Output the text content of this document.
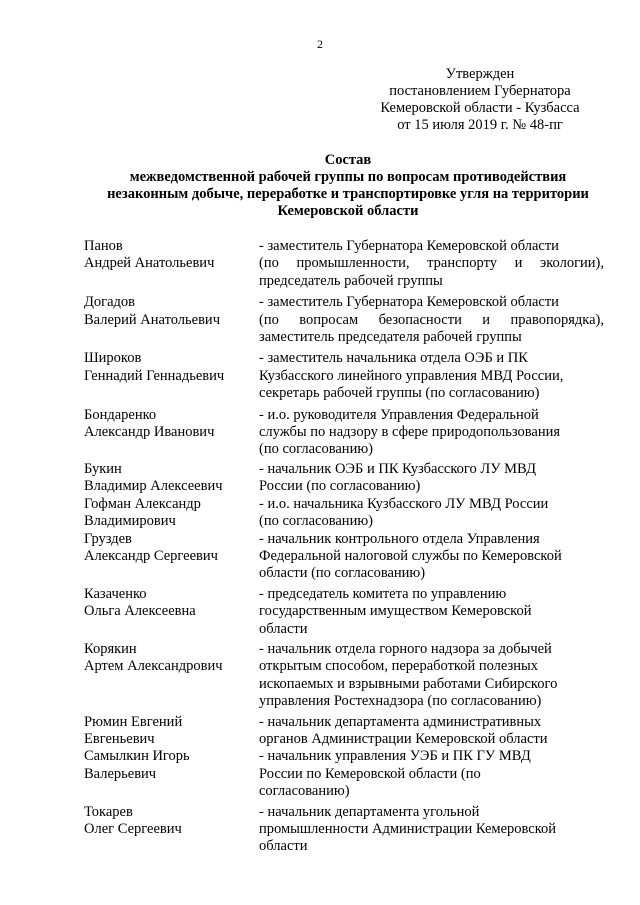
2
Утвержден
постановлением Губернатора
Кемеровской области - Кузбасса
от 15 июля 2019 г. № 48-пг
Состав
межведомственной рабочей группы по вопросам противодействия
незаконным добыче, переработке и транспортировке угля на территории
Кемеровской области
Панов
Андрей Анатольевич
- заместитель Губернатора Кемеровской области
(по промышленности, транспорту и экологии),
председатель рабочей группы
Догадов
Валерий Анатольевич
- заместитель Губернатора Кемеровской области
(по вопросам безопасности и правопорядка),
заместитель председателя рабочей группы
Широков
Геннадий Геннадьевич
- заместитель начальника отдела ОЭБ и ПК
Кузбасского линейного управления МВД России,
секретарь рабочей группы (по согласованию)
Бондаренко
Александр Иванович
- и.о. руководителя Управления Федеральной
службы по надзору в сфере природопользования
(по согласованию)
Букин
Владимир Алексеевич
- начальник ОЭБ и ПК Кузбасского ЛУ МВД
России (по согласованию)
Гофман Александр
Владимирович
- и.о. начальника Кузбасского ЛУ МВД России
(по согласованию)
Груздев
Александр Сергеевич
- начальник контрольного отдела Управления
Федеральной налоговой службы по Кемеровской
области (по согласованию)
Казаченко
Ольга Алексеевна
- председатель комитета по управлению
государственным имуществом Кемеровской
области
Корякин
Артем Александрович
- начальник отдела горного надзора за добычей
открытым способом, переработкой полезных
ископаемых и взрывными работами Сибирского
управления Ростехнадзора (по согласованию)
Рюмин Евгений
Евгеньевич
- начальник департамента административных
органов Администрации Кемеровской области
Самылкин Игорь
Валерьевич
- начальник управления УЭБ и ПК ГУ МВД
России по Кемеровской области (по
согласованию)
Токарев
Олег Сергеевич
- начальник департамента угольной
промышленности Администрации Кемеровской
области
